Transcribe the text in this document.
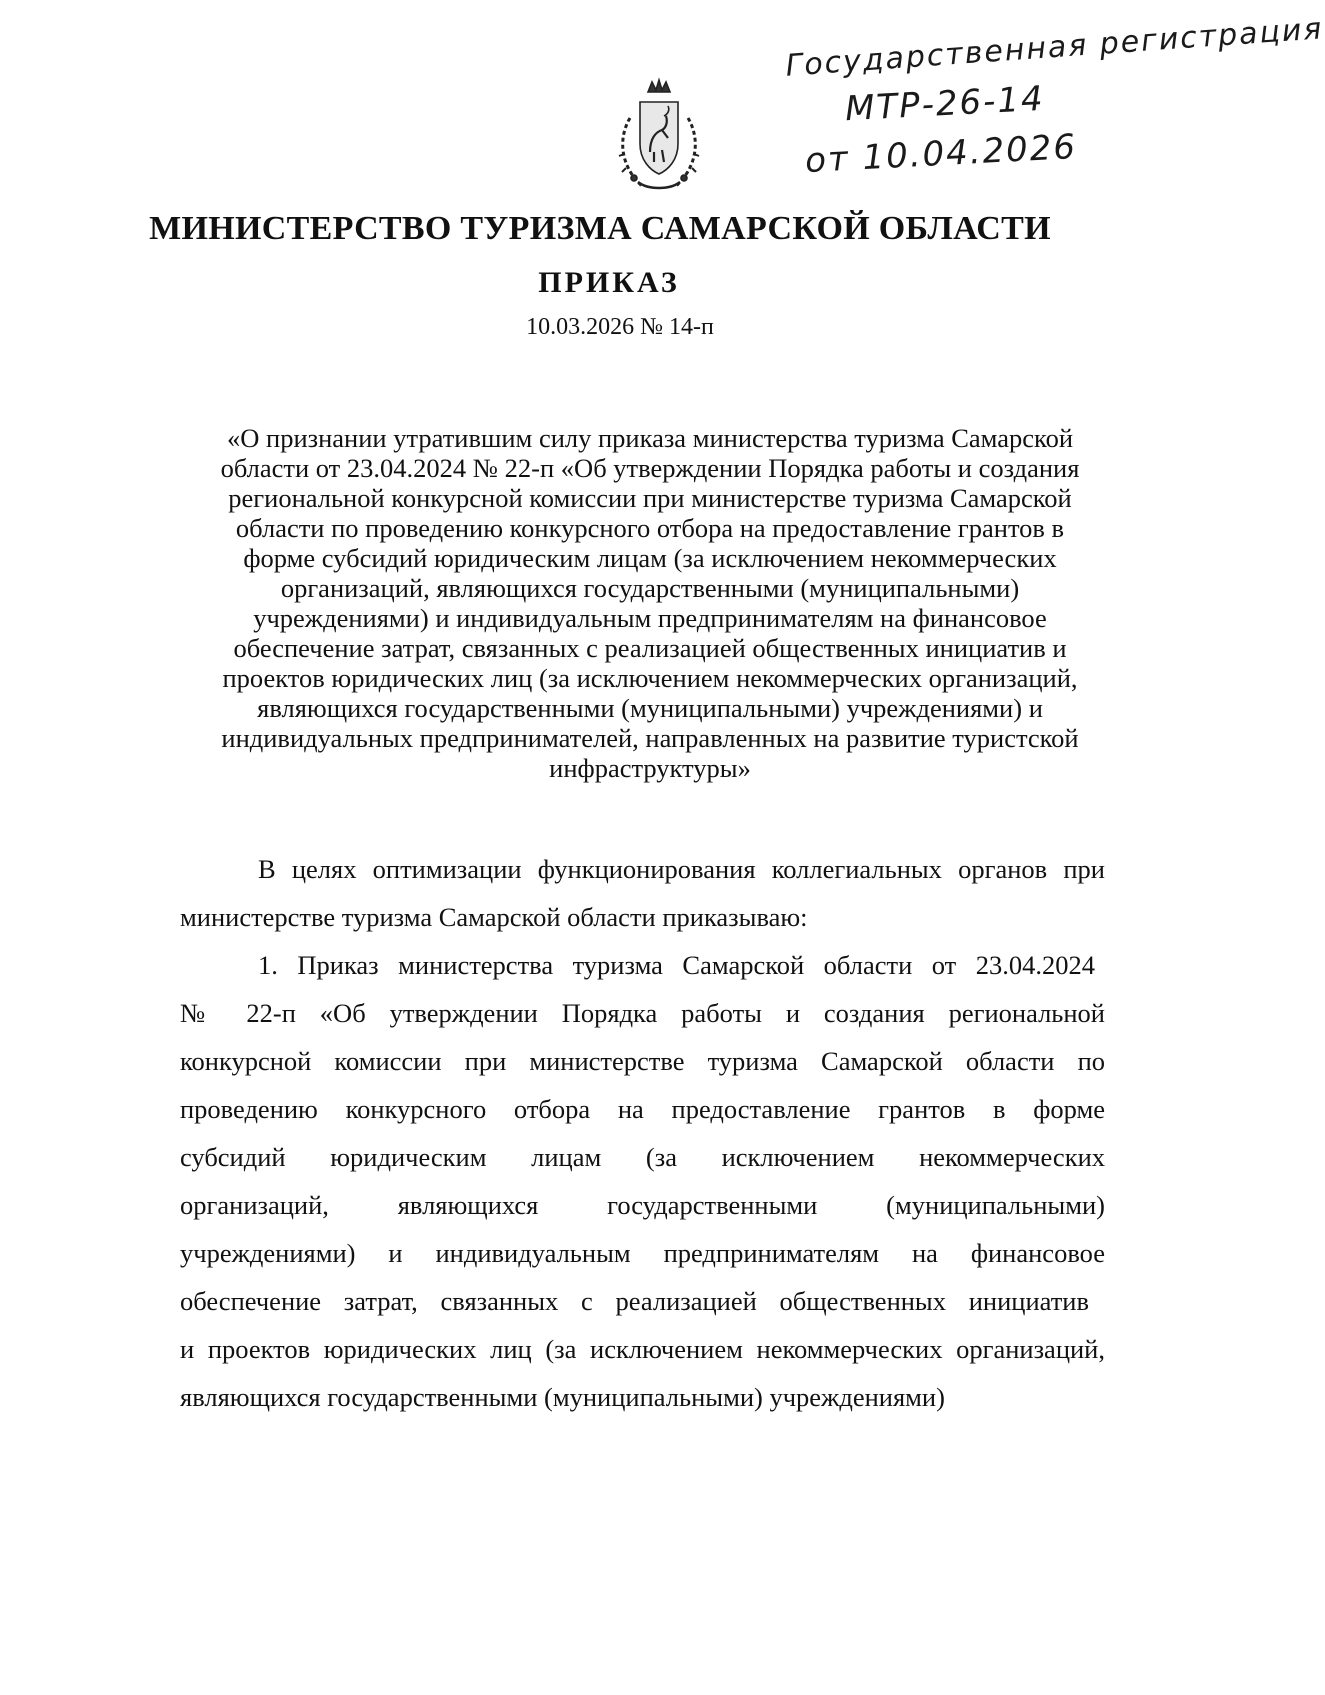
Государственная регистрация
МТР-26-14
от 10.04.2026
МИНИСТЕРСТВО ТУРИЗМА САМАРСКОЙ ОБЛАСТИ
ПРИКАЗ
10.03.2026 № 14-п
«О признании утратившим силу приказа министерства туризма Самарской
области от 23.04.2024 № 22-п «Об утверждении Порядка работы и создания
региональной конкурсной комиссии при министерстве туризма Самарской
области по проведению конкурсного отбора на предоставление грантов в
форме субсидий юридическим лицам (за исключением некоммерческих
организаций, являющихся государственными (муниципальными)
учреждениями) и индивидуальным предпринимателям на финансовое
обеспечение затрат, связанных с реализацией общественных инициатив и
проектов юридических лиц (за исключением некоммерческих организаций,
являющихся государственными (муниципальными) учреждениями) и
индивидуальных предпринимателей, направленных на развитие туристской
инфраструктуры»
В целях оптимизации функционирования коллегиальных органов при
министерстве туризма Самарской области приказываю:
1. Приказ министерства туризма Самарской области от 23.04.2024
№ 22-п «Об утверждении Порядка работы и создания региональной
конкурсной комиссии при министерстве туризма Самарской области по
проведению конкурсного отбора на предоставление грантов в форме
субсидий юридическим лицам (за исключением некоммерческих
организаций, являющихся государственными (муниципальными)
учреждениями) и индивидуальным предпринимателям на финансовое
обеспечение затрат, связанных с реализацией общественных инициатив
и проектов юридических лиц (за исключением некоммерческих организаций,
являющихся государственными (муниципальными) учреждениями)
